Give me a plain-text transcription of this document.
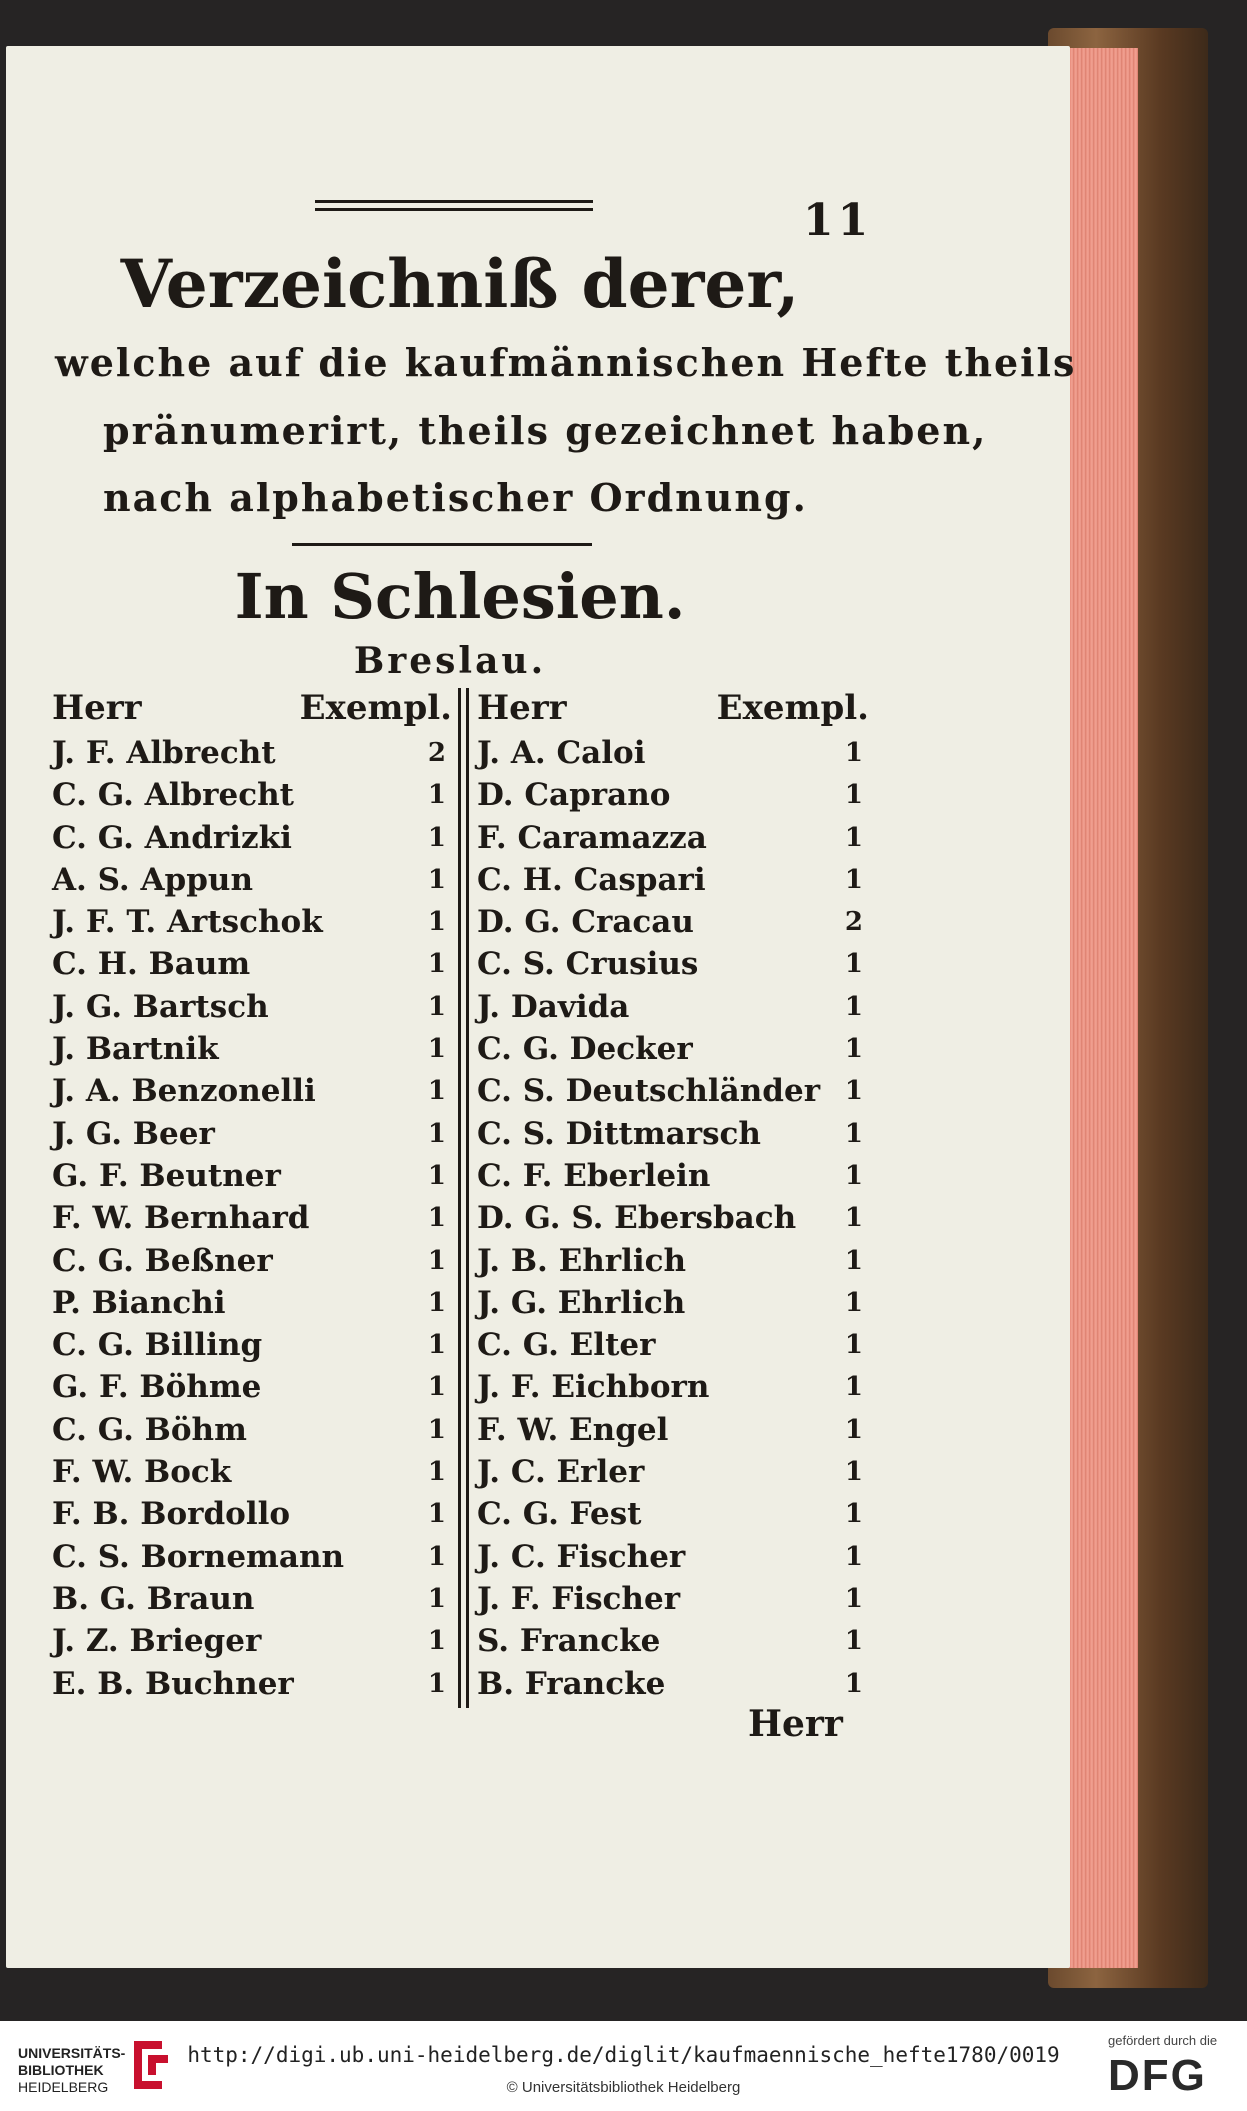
11
Verzeichniß derer,
welche auf die kaufmännischen Hefte theils
pränumerirt, theils gezeichnet haben,
nach alphabetischer Ordnung.
In Schlesien.
Breslau.
Herr	Exempl.
J. F. Albrecht	2
C. G. Albrecht	1
C. G. Andrizki	1
A. S. Appun	1
J. F. T. Artschok	1
C. H. Baum	1
J. G. Bartsch	1
J. Bartnik	1
J. A. Benzonelli	1
J. G. Beer	1
G. F. Beutner	1
F. W. Bernhard	1
C. G. Beßner	1
P. Bianchi	1
C. G. Billing	1
G. F. Böhme	1
C. G. Böhm	1
F. W. Bock	1
F. B. Bordollo	1
C. S. Bornemann	1
B. G. Braun	1
J. Z. Brieger	1
E. B. Buchner	1
Herr	Exempl.
J. A. Caloi	1
D. Caprano	1
F. Caramazza	1
C. H. Caspari	1
D. G. Cracau	2
C. S. Crusius	1
J. Davida	1
C. G. Decker	1
C. S. Deutschländer 1
C. S. Dittmarsch	1
C. F. Eberlein	1
D. G. S. Ebersbach 1
J. B. Ehrlich	1
J. G. Ehrlich	1
C. G. Elter	1
J. F. Eichborn	1
F. W. Engel	1
J. C. Erler	1
C. G. Fest	1
J. C. Fischer	1
J. F. Fischer	1
S. Francke	1
B. Francke	1
Herr
UNIVERSITÄTS-
BIBLIOTHEK
HEIDELBERG
http://digi.ub.uni-heidelberg.de/diglit/kaufmaennische_hefte1780/0019
© Universitätsbibliothek Heidelberg
gefördert durch die
DFG
